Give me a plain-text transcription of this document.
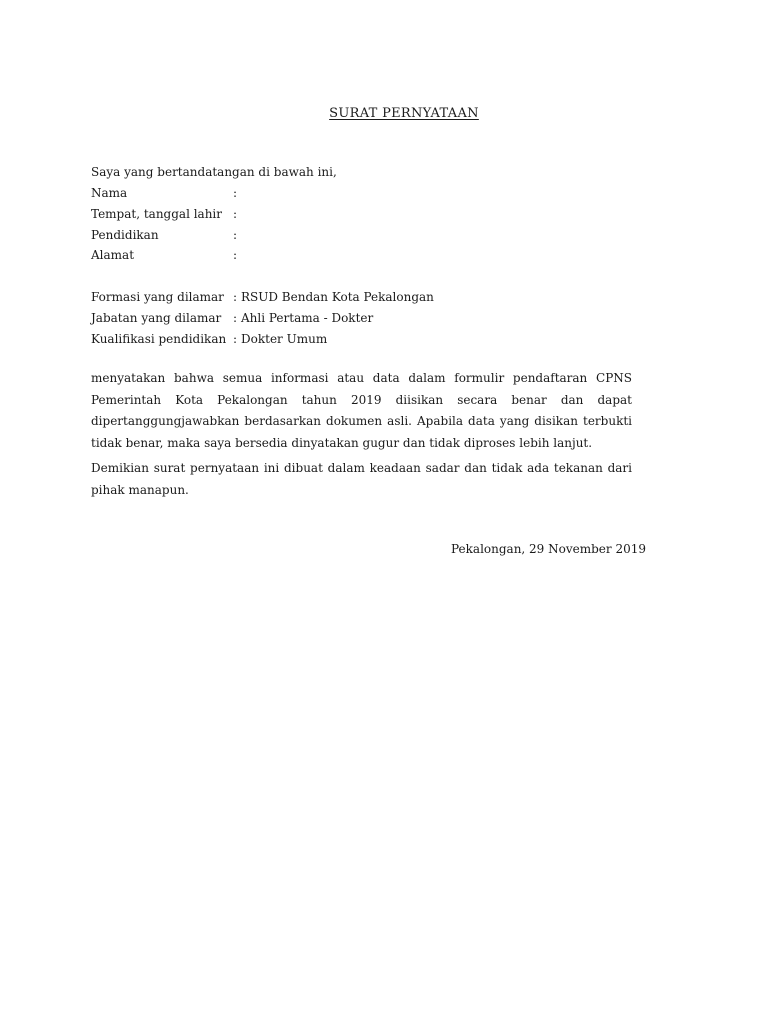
SURAT PERNYATAAN
Saya yang bertandatangan di bawah ini,
Nama	:
Tempat, tanggal lahir :
Pendidikan	:
Alamat	:
Formasi yang dilamar : RSUD Bendan Kota Pekalongan
Jabatan yang dilamar : Ahli Pertama - Dokter
Kualifikasi pendidikan : Dokter Umum

menyatakan bahwa semua informasi atau data dalam formulir pendaftaran CPNS Pemerintah Kota Pekalongan tahun 2019 diisikan secara benar dan dapat dipertanggungjawabkan berdasarkan dokumen asli. Apabila data yang disikan terbukti tidak benar, maka saya bersedia dinyatakan gugur dan tidak diproses lebih lanjut.

Demikian surat pernyataan ini dibuat dalam keadaan sadar dan tidak ada tekanan dari pihak manapun.

Pekalongan, 29 November 2019
